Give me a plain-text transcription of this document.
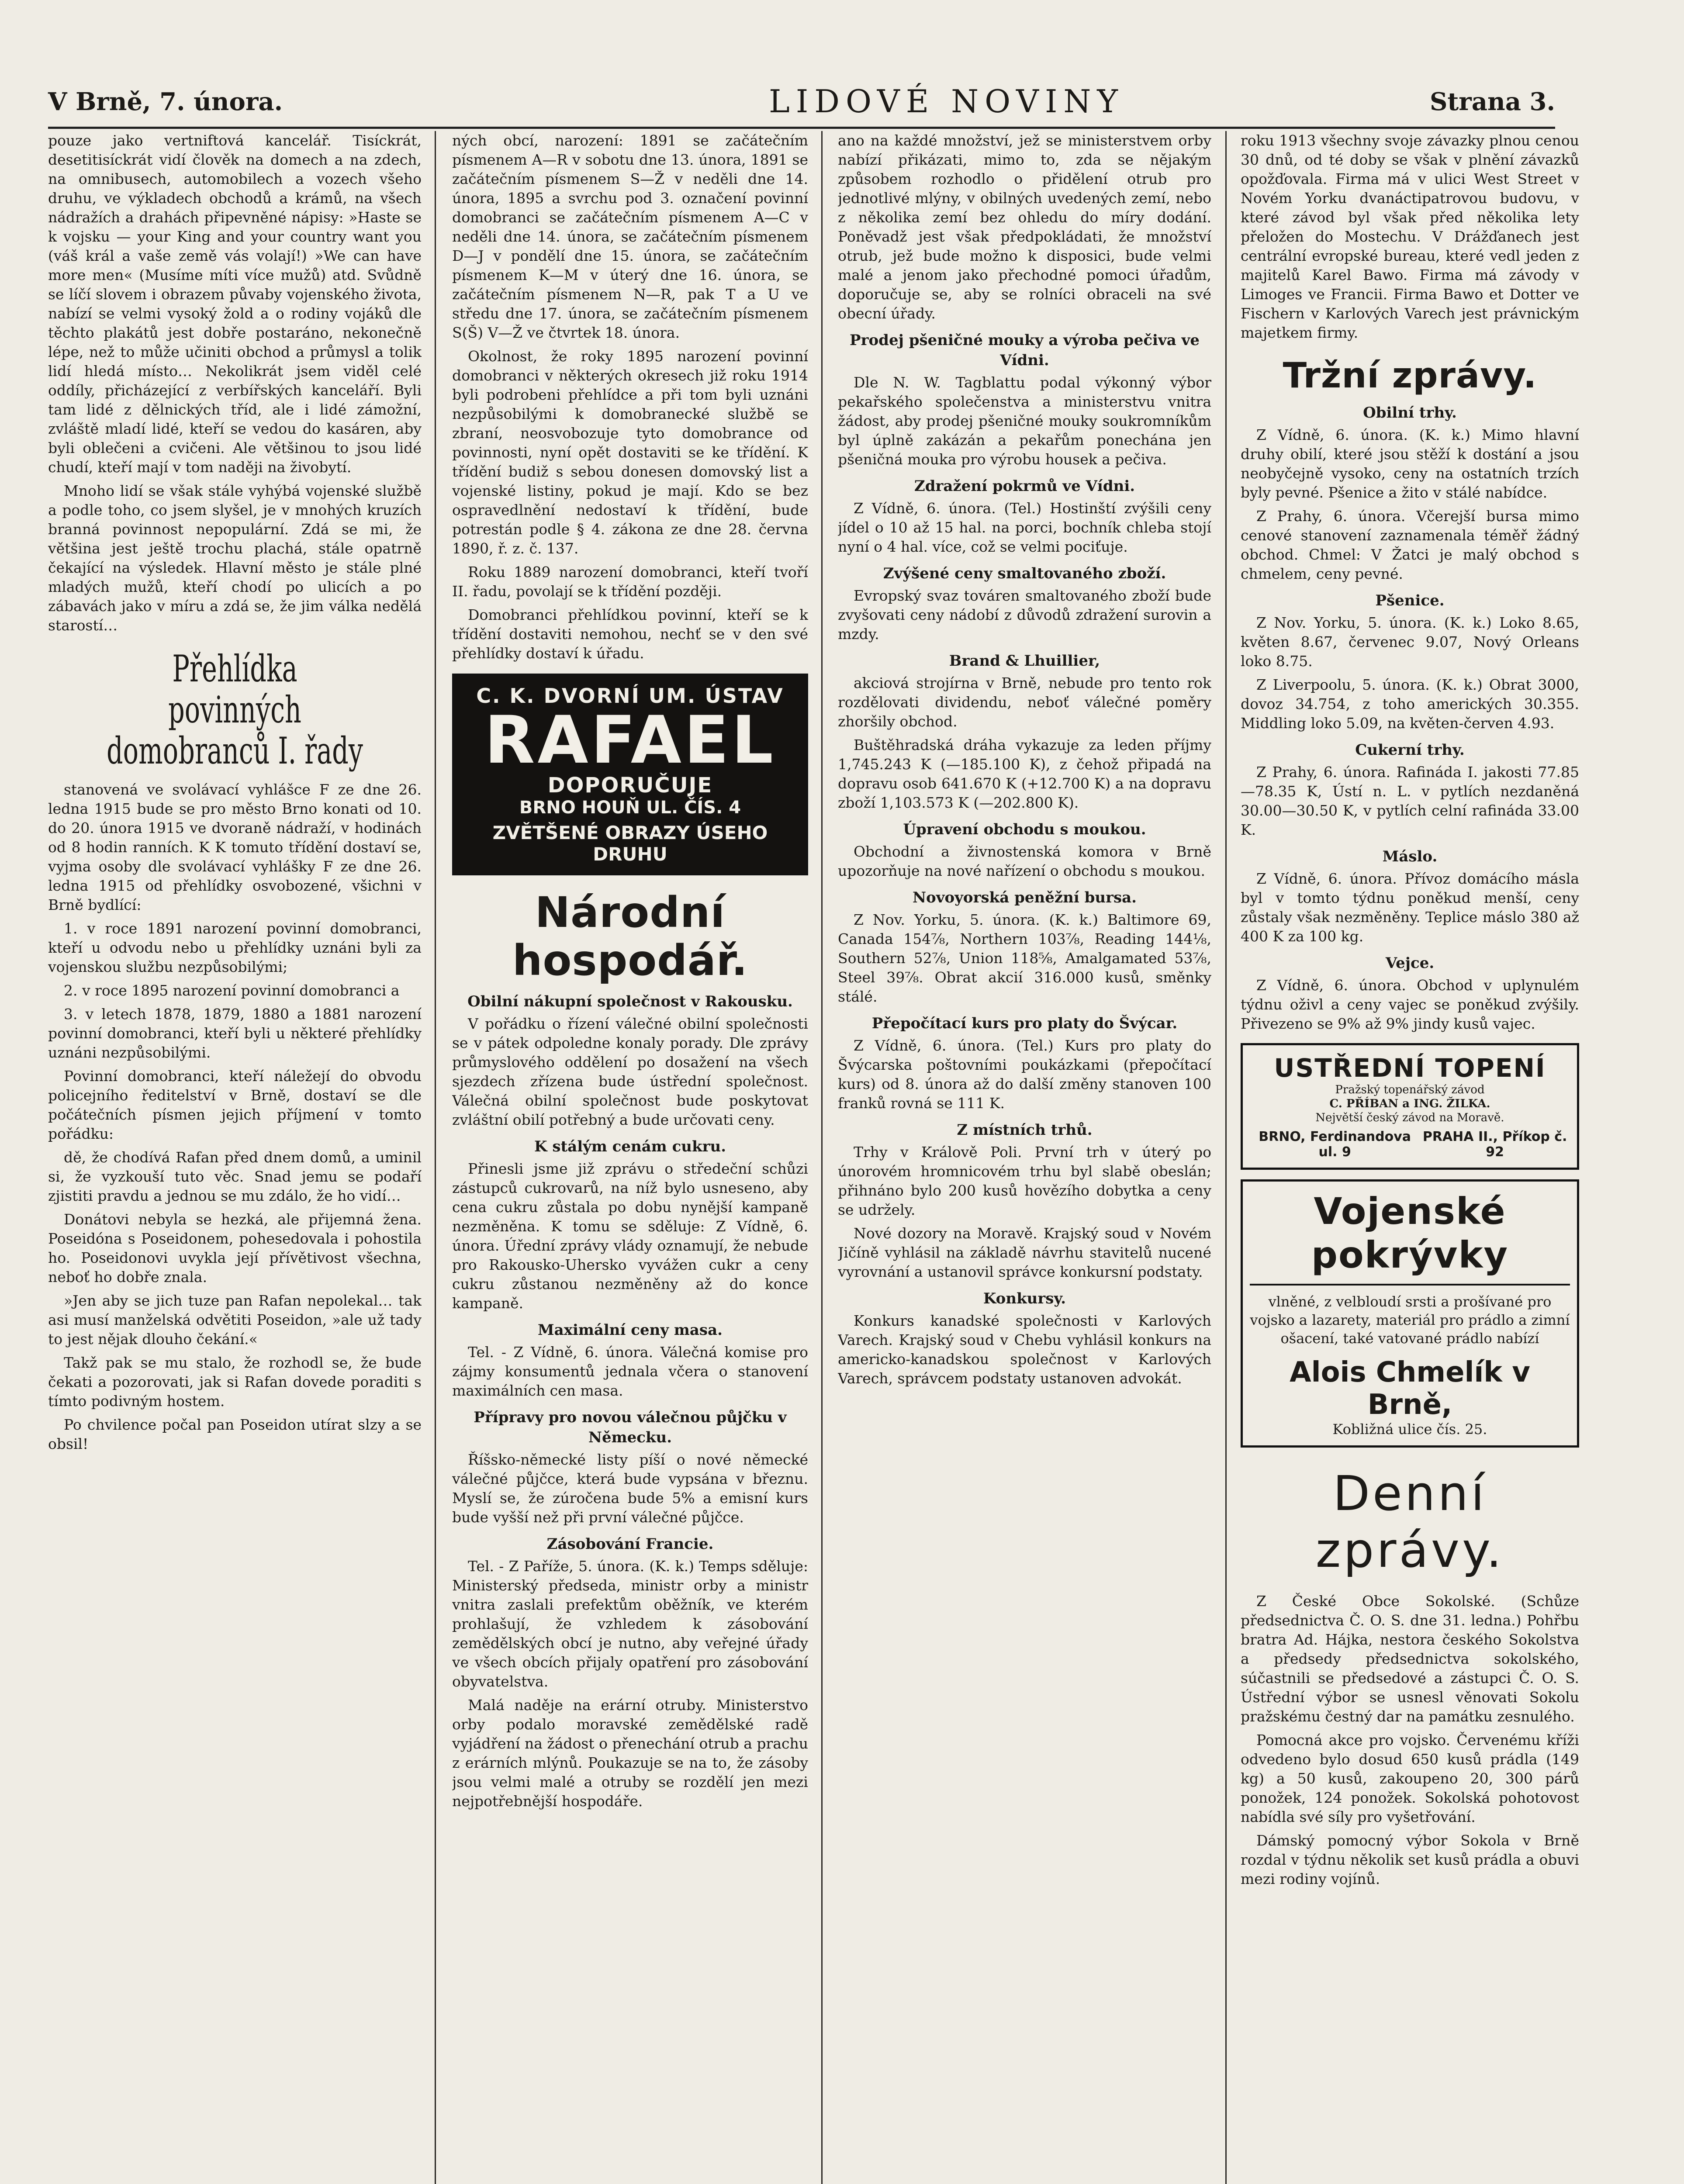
V Brně, 7. února.	LIDOVÉ NOVINY	Strana 3.

pouze jako vertniftová kancelář. Tisíckrát, desetitisíckrát vidí člověk na domech a na zdech, na omnibusech, automobilech a vozech všeho druhu, ve výkladech obchodů a krámů, na všech nádražích a drahách připevněné nápisy: »Haste se k vojsku — your King and your country want you (váš král a vaše země vás volají!) »We can have more men« (Musíme míti více mužů) atd. Svůdně se líčí slovem i obrazem půvaby vojenského života, nabízí se velmi vysoký žold a o rodiny vojáků dle těchto plakátů jest dobře postaráno, nekonečně lépe, než to může učiniti obchod a průmysl a tolik lidí hledá místo… Nekolikrát jsem viděl celé oddíly, přicházející z verbířských kanceláří. Byli tam lidé z dělnických tříd, ale i lidé zámožní, zvláště mladí lidé, kteří se vedou do kasáren, aby byli oblečeni a cvičeni. Ale většinou to jsou lidé chudí, kteří mají v tom naději na živobytí.

Mnoho lidí se však stále vyhýbá vojenské službě a podle toho, co jsem slyšel, je v mnohých kruzích branná povinnost nepopulární. Zdá se mi, že většina jest ještě trochu plachá, stále opatrně čekající na výsledek. Hlavní město je stále plné mladých mužů, kteří chodí po ulicích a po zábavách jako v míru a zdá se, že jim válka nedělá starostí…

Přehlídka povinných domobranců I. řady

stanovená ve svolávací vyhlášce F ze dne 26. ledna 1915 bude se pro město Brno konati od 10. do 20. února 1915 ve dvoraně nádraží, v hodinách od 8 hodin ranních. K K tomuto třídění dostaví se, vyjma osoby dle svolávací vyhlášky F ze dne 26. ledna 1915 od přehlídky osvobozené, všichni v Brně bydlící:

1. v roce 1891 narození povinní domobranci, kteří u odvodu nebo u přehlídky uznáni byli za vojenskou službu nezpůsobilými;

2. v roce 1895 narození povinní domobranci a

3. v letech 1878, 1879, 1880 a 1881 narození povinní domobranci, kteří byli u některé přehlídky uznáni nezpůsobilými.

Povinní domobranci, kteří náležejí do obvodu policejního ředitelství v Brně, dostaví se dle počátečních písmen jejich příjmení v tomto pořádku:

dě, že chodívá Rafan před dnem domů, a uminil si, že vyzkouší tuto věc. Snad jemu se podaří zjistiti pravdu a jednou se mu zdálo, že ho vidí…

Donátovi nebyla se hezká, ale přijemná žena. Poseidóna s Poseidonem, pohesedovala i pohostila ho. Poseidonovi uvykla její přívětivost všechna, neboť ho dobře znala.

»Jen aby se jich tuze pan Rafan nepolekal… tak asi musí manželská odvětiti Poseidon, »ale už tady to jest nějak dlouho čekání.«

Takž pak se mu stalo, že rozhodl se, že bude čekati a pozorovati, jak si Rafan dovede poraditi s tímto podivným hostem.

Po chvilence počal pan Poseidon utírat slzy a se obsil!

ných obcí, narození: 1891 se začátečním písmenem A—R v sobotu dne 13. února, 1891 se začátečním písmenem S—Ž v neděli dne 14. února, 1895 a svrchu pod 3. označení povinní domobranci se začátečním písmenem A—C v neděli dne 14. února, se začátečním písmenem D—J v pondělí dne 15. února, se začátečním písmenem K—M v úterý dne 16. února, se začátečním písmenem N—R, pak T a U ve středu dne 17. února, se začátečním písmenem S(Š) V—Ž ve čtvrtek 18. února.

Okolnost, že roky 1895 narození povinní domobranci v některých okresech již roku 1914 byli podrobeni přehlídce a při tom byli uznáni nezpůsobilými k domobranecké službě se zbraní, neosvobozuje tyto domobrance od povinnosti, nyní opět dostaviti se ke třídění. K třídění budiž s sebou donesen domovský list a vojenské listiny, pokud je mají. Kdo se bez ospravedlnění nedostaví k třídění, bude potrestán podle § 4. zákona ze dne 28. června 1890, ř. z. č. 137.

Roku 1889 narození domobranci, kteří tvoří II. řadu, povolají se k třídění později.

Domobranci přehlídkou povinní, kteří se k třídění dostaviti nemohou, nechť se v den své přehlídky dostaví k úřadu.

C. K. DVORNÍ UM. ÚSTAV
RAFAEL
DOPORUČUJE
BRNO HOUŇ UL. ČÍS. 4
ZVĚTŠENÉ OBRAZY ÚSEHO DRUHU
Národní hospodář.
Obilní nákupní společnost v Rakousku.

V pořádku o řízení válečné obilní společnosti se v pátek odpoledne konaly porady. Dle zprávy průmyslového oddělení po dosažení na všech sjezdech zřízena bude ústřední společnost. Válečná obilní společnost bude poskytovat zvláštní obilí potřebný a bude určovati ceny.

K stálým cenám cukru.

Přinesli jsme již zprávu o středeční schůzi zástupců cukrovarů, na níž bylo usneseno, aby cena cukru zůstala po dobu nynější kampaně nezměněna. K tomu se sděluje: Z Vídně, 6. února. Úřední zprávy vlády oznamují, že nebude pro Rakousko-Uhersko vyvážen cukr a ceny cukru zůstanou nezměněny až do konce kampaně.

Maximální ceny masa.

Tel. - Z Vídně, 6. února. Válečná komise pro zájmy konsumentů jednala včera o stanovení maximálních cen masa.

Přípravy pro novou válečnou půjčku v Německu.

Říšsko-německé listy píší o nové německé válečné půjčce, která bude vypsána v březnu. Myslí se, že zúročena bude 5% a emisní kurs bude vyšší než při první válečné půjčce.

Zásobování Francie.

Tel. - Z Paříže, 5. února. (K. k.) Temps sděluje: Ministerský předseda, ministr orby a ministr vnitra zaslali prefektům oběžník, ve kterém prohlašují, že vzhledem k zásobování zemědělských obcí je nutno, aby veřejné úřady ve všech obcích přijaly opatření pro zásobování obyvatelstva.

Malá naděje na erární otruby. Ministerstvo orby podalo moravské zemědělské radě vyjádření na žádost o přenechání otrub a prachu z erárních mlýnů. Poukazuje se na to, že zásoby jsou velmi malé a otruby se rozdělí jen mezi nejpotřebnější hospodáře.

ano na každé množství, jež se ministerstvem orby nabízí přikázati, mimo to, zda se nějakým způsobem rozhodlo o přidělení otrub pro jednotlivé mlýny, v obilných uvedených zemí, nebo z několika zemí bez ohledu do míry dodání. Poněvadž jest však předpokládati, že množství otrub, jež bude možno k disposici, bude velmi malé a jenom jako přechodné pomoci úřadům, doporučuje se, aby se rolníci obraceli na své obecní úřady.

Prodej pšeničné mouky a výroba pečiva ve Vídni.

Dle N. W. Tagblattu podal výkonný výbor pekařského společenstva a ministerstvu vnitra žádost, aby prodej pšeničné mouky soukromníkům byl úplně zakázán a pekařům ponechána jen pšeničná mouka pro výrobu housek a pečiva.

Zdražení pokrmů ve Vídni.

Z Vídně, 6. února. (Tel.) Hostinští zvýšili ceny jídel o 10 až 15 hal. na porci, bochník chleba stojí nyní o 4 hal. více, což se velmi pociťuje.

Zvýšené ceny smaltovaného zboží.

Evropský svaz továren smaltovaného zboží bude zvyšovati ceny nádobí z důvodů zdražení surovin a mzdy.

Brand & Lhuillier,

akciová strojírna v Brně, nebude pro tento rok rozdělovati dividendu, neboť válečné poměry zhoršily obchod.

Buštěhradská dráha vykazuje za leden příjmy 1,745.243 K (—185.100 K), z čehož připadá na dopravu osob 641.670 K (+12.700 K) a na dopravu zboží 1,103.573 K (—202.800 K).

Úpravení obchodu s moukou.

Obchodní a živnostenská komora v Brně upozorňuje na nové nařízení o obchodu s moukou.

Novoyorská peněžní bursa.

Z Nov. Yorku, 5. února. (K. k.) Baltimore 69, Canada 154⅞, Northern 103⅞, Reading 144⅛, Southern 52⅞, Union 118⅝, Amalgamated 53⅞, Steel 39⅞. Obrat akcií 316.000 kusů, směnky stálé.

Přepočítací kurs pro platy do Švýcar.

Z Vídně, 6. února. (Tel.) Kurs pro platy do Švýcarska poštovními poukázkami (přepočítací kurs) od 8. února až do další změny stanoven 100 franků rovná se 111 K.

Z místních trhů.

Trhy v Králově Poli. První trh v úterý po únorovém hromnicovém trhu byl slabě obeslán; přihnáno bylo 200 kusů hovězího dobytka a ceny se udržely.

Nové dozory na Moravě. Krajský soud v Novém Jičíně vyhlásil na základě návrhu stavitelů nucené vyrovnání a ustanovil správce konkursní podstaty.

Konkursy.

Konkurs kanadské společnosti v Karlových Varech. Krajský soud v Chebu vyhlásil konkurs na americko-kanadskou společnost v Karlových Varech, správcem podstaty ustanoven advokát.

roku 1913 všechny svoje závazky plnou cenou 30 dnů, od té doby se však v plnění závazků opožďovala. Firma má v ulici West Street v Novém Yorku dvanáctipatrovou budovu, v které závod byl však před několika lety přeložen do Mostechu. V Drážďanech jest centrální evropské bureau, které vedl jeden z majitelů Karel Bawo. Firma má závody v Limoges ve Francii. Firma Bawo et Dotter ve Fischern v Karlových Varech jest právnickým majetkem firmy.

Tržní zprávy.
Obilní trhy.

Z Vídně, 6. února. (K. k.) Mimo hlavní druhy obilí, které jsou stěží k dostání a jsou neobyčejně vysoko, ceny na ostatních trzích byly pevné. Pšenice a žito v stálé nabídce.

Z Prahy, 6. února. Včerejší bursa mimo cenové stanovení zaznamenala téměř žádný obchod. Chmel: V Žatci je malý obchod s chmelem, ceny pevné.

Pšenice.

Z Nov. Yorku, 5. února. (K. k.) Loko 8.65, květen 8.67, červenec 9.07, Nový Orleans loko 8.75.

Z Liverpoolu, 5. února. (K. k.) Obrat 3000, dovoz 34.754, z toho amerických 30.355. Middling loko 5.09, na květen-červen 4.93.

Cukerní trhy.

Z Prahy, 6. února. Rafináda I. jakosti 77.85—78.35 K, Ústí n. L. v pytlích nezdaněná 30.00—30.50 K, v pytlích celní rafináda 33.00 K.

Máslo.

Z Vídně, 6. února. Přívoz domácího másla byl v tomto týdnu poněkud menší, ceny zůstaly však nezměněny. Teplice máslo 380 až 400 K za 100 kg.

Vejce.

Z Vídně, 6. února. Obchod v uplynulém týdnu oživl a ceny vajec se poněkud zvýšily. Přivezeno se 9% až 9% jindy kusů vajec.

USTŘEDNÍ TOPENÍ
Pražský topenářský závod
C. PŘÍBAN a ING. ŽILKA.
Největší český závod na Moravě.
BRNO, Ferdinandova ul. 9
PRAHA II., Příkop č. 92
Vojenské pokrývky
vlněné, z velbloudí srsti a prošívané pro vojsko a lazarety, materiál pro prádlo a zimní ošacení, také vatované prádlo nabízí
Alois Chmelík v Brně,
Kobližná ulice čís. 25.
Denní zprávy.

Z České Obce Sokolské. (Schůze předsednictva Č. O. S. dne 31. ledna.) Pohřbu bratra Ad. Hájka, nestora českého Sokolstva a předsedy předsednictva sokolského, súčastnili se předsedové a zástupci Č. O. S. Ústřední výbor se usnesl věnovati Sokolu pražskému čestný dar na památku zesnulého.

Pomocná akce pro vojsko. Červenému kříži odvedeno bylo dosud 650 kusů prádla (149 kg) a 50 kusů, zakoupeno 20, 300 párů ponožek, 124 ponožek. Sokolská pohotovost nabídla své síly pro vyšetřování.

Dámský pomocný výbor Sokola v Brně rozdal v týdnu několik set kusů prádla a obuvi mezi rodiny vojínů.
